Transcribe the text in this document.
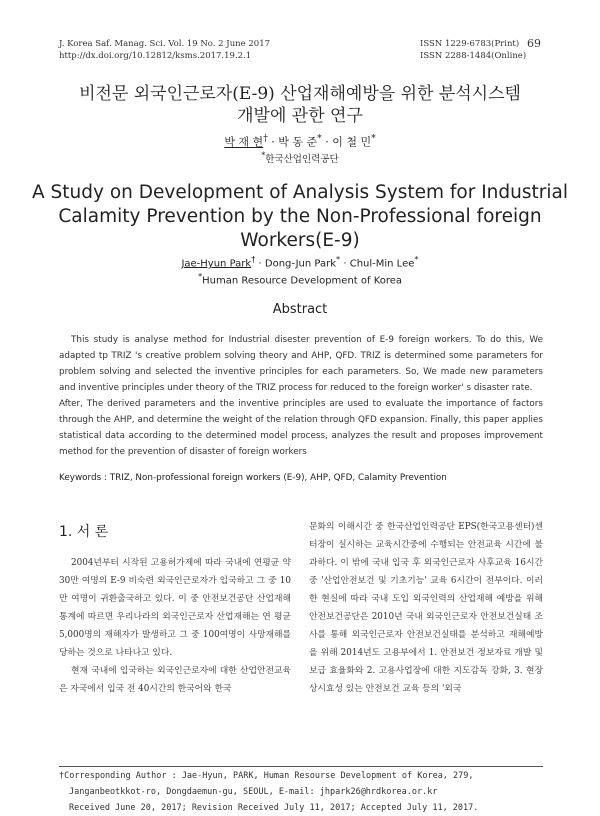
J. Korea Saf. Manag. Sci. Vol. 19 No. 2 June 2017
http://dx.doi.org/10.12812/ksms.2017.19.2.1
ISSN 1229-6783(Print)
ISSN 2288-1484(Online)
69
비전문 외국인근로자(E-9) 산업재해예방을 위한 분석시스템
개발에 관한 연구
박 재 현† · 박 동 준* · 이 철 민*
*한국산업인력공단
A Study on Development of Analysis System for Industrial
Calamity Prevention by the Non-Professional foreign
Workers(E-9)
Jae-Hyun Park† · Dong-Jun Park* · Chul-Min Lee*
*Human Resource Development of Korea
Abstract

This study is analyse method for Industrial disester prevention of E-9 foreign workers. To do this, We adapted tp TRIZ 's creative problem solving theory and AHP, QFD. TRIZ is determined some parameters for problem solving and selected the inventive principles for each parameters. So, We made new parameters and inventive principles under theory of the TRIZ process for reduced to the foreign worker' s disaster rate.

After, The derived parameters and the inventive principles are used to evaluate the importance of factors through the AHP, and determine the weight of the relation through QFD expansion. Finally, this paper applies statistical data according to the determined model process, analyzes the result and proposes improvement method for the prevention of disaster of foreign workers

Keywords : TRIZ, Non-professional foreign workers (E-9), AHP, QFD, Calamity Prevention
1. 서 론

2004년부터 시작된 고용허가제에 따라 국내에 연평균 약 30만 여명의 E-9 비숙련 외국인근로자가 입국하고 그 중 10만 여명이 귀환출국하고 있다. 이 중 안전보건공단 산업재해 통계에 따르면 우리나라의 외국인근로자 산업재해는 연 평균 5,000명의 재해자가 발생하고 그 중 100여명이 사망재해를 당하는 것으로 나타나고 있다.

현재 국내에 입국하는 외국인근로자에 대한 산업안전교육은 자국에서 입국 전 40시간의 한국어와 한국

문화의 이해시간 중 한국산업인력공단 EPS(한국고용센터)센터장이 실시하는 교육시간중에 수행되는 안전교육 시간에 불과하다. 이 밖에 국내 입국 후 외국인근로자 사후교육 16시간 중 '산업안전보건 및 기초기능' 교육 6시간이 전부이다. 이러한 현실에 따라 국내 도입 외국인력의 산업재해 예방을 위해 안전보건공단은 2010년 국내 외국인근로자 안전보건실태 조사를 통해 외국인근로자 안전보건실태를 분석하고 재해예방을 위해 2014년도 고용부에서 1. 안전보건 정보자료 개발 및 보급 효율화와 2. 고용사업장에 대한 지도감독 강화, 3. 현장상시효성 있는 안전보건 교육 등의 '외국

†Corresponding Author : Jae-Hyun, PARK, Human Resourse Development of Korea, 279,
Janganbeotkkot-ro, Dongdaemun-gu, SEOUL, E-mail: jhpark26@hrdkorea.or.kr
Received June 20, 2017; Revision Received July 11, 2017; Accepted July 11, 2017.
